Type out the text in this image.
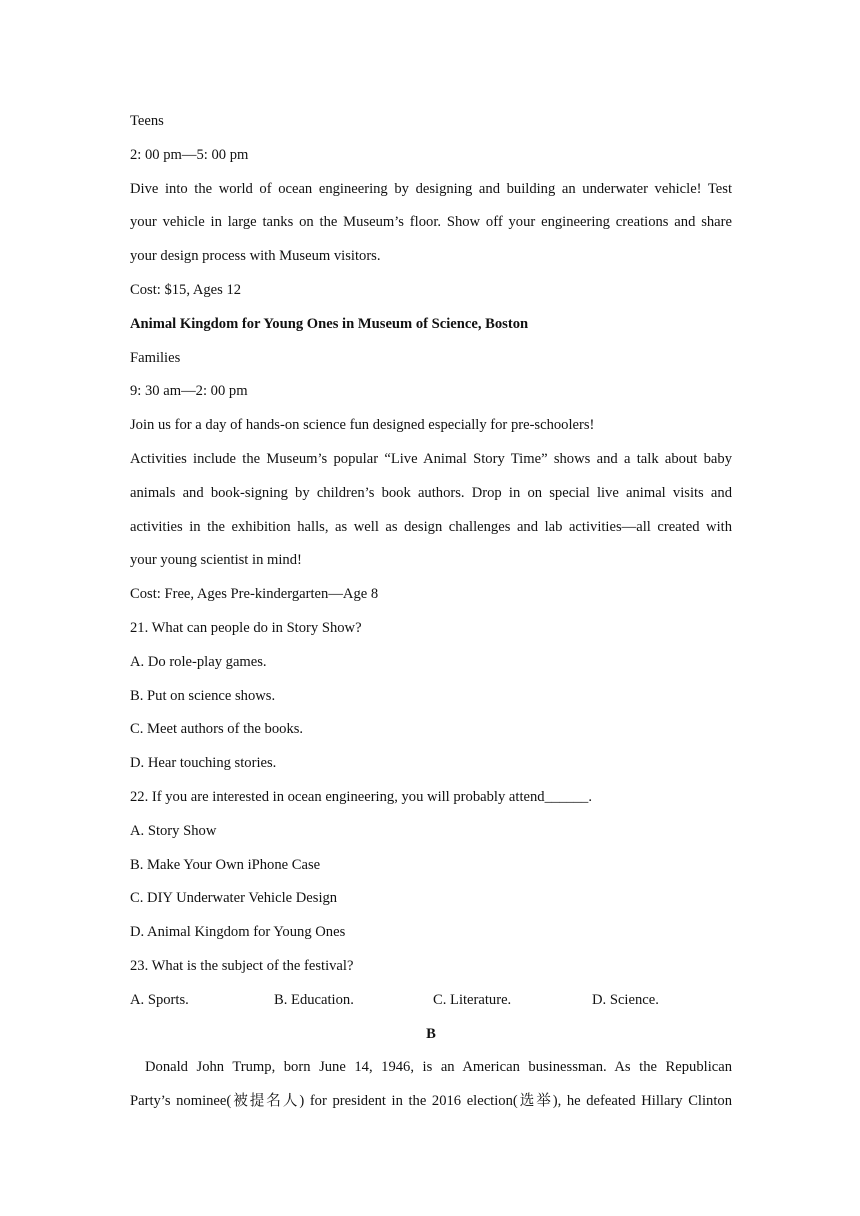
Teens
2: 00 pm—5: 00 pm
Dive into the world of ocean engineering by designing and building an underwater vehicle! Test
your vehicle in large tanks on the Museum’s floor. Show off your engineering creations and share
your design process with Museum visitors.
Cost: $15, Ages 12
Animal Kingdom for Young Ones in Museum of Science, Boston
Families
9: 30 am—2: 00 pm
Join us for a day of hands-on science fun designed especially for pre-schoolers!
Activities include the Museum’s popular “Live Animal Story Time” shows and a talk about baby
animals and book-signing by children’s book authors. Drop in on special live animal visits and
activities in the exhibition halls, as well as design challenges and lab activities—all created with
your young scientist in mind!
Cost: Free, Ages Pre-kindergarten—Age 8
21. What can people do in Story Show?
A. Do role-play games.
B. Put on science shows.
C. Meet authors of the books.
D. Hear touching stories.
22. If you are interested in ocean engineering, you will probably attend______.
A. Story Show
B. Make Your Own iPhone Case
C. DIY Underwater Vehicle Design
D. Animal Kingdom for Young Ones
23. What is the subject of the festival?
A. Sports.	B. Education.	C. Literature.	D. Science.
B
Donald John Trump, born June 14, 1946, is an American businessman. As the Republican
Party’s nominee(被提名人) for president in the 2016 election(选举), he defeated Hillary Clinton
